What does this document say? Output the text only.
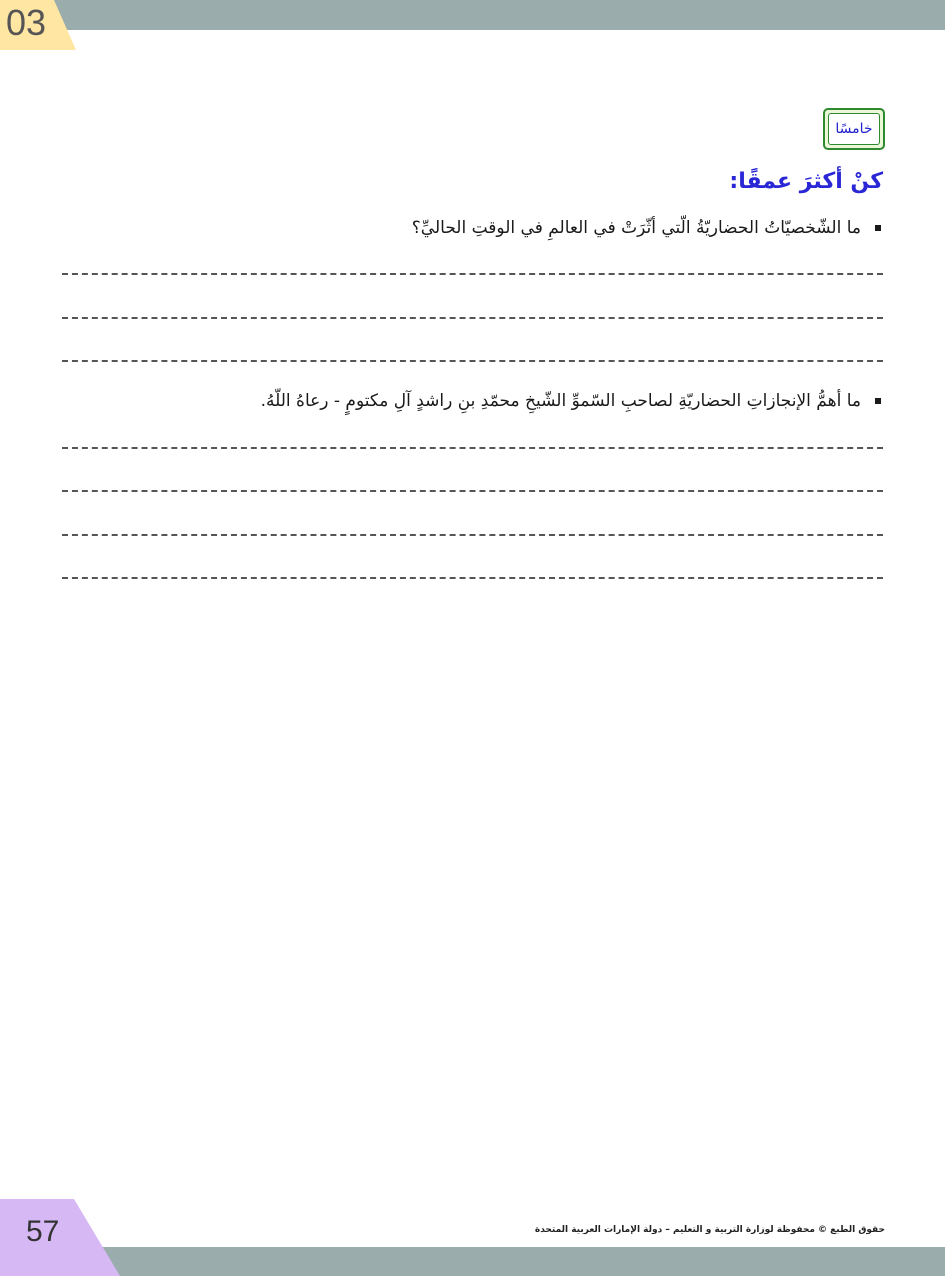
03
خامسًا
كنْ أكثرَ عمقًا:
ما الشّخصيّاتُ الحضاريّةُ الّتي أثّرَتْ في العالمِ في الوقتِ الحاليِّ؟
ما أهمُّ الإنجازاتِ الحضاريّةِ لصاحبِ السّموِّ الشّيخِ محمّدِ بنِ راشدٍ آلِ مكتومٍ - رعاهُ اللّهُ.
57	حقوق الطبع © محفوظة لوزارة التربية و التعليم – دولة الإمارات العربية المتحدة
